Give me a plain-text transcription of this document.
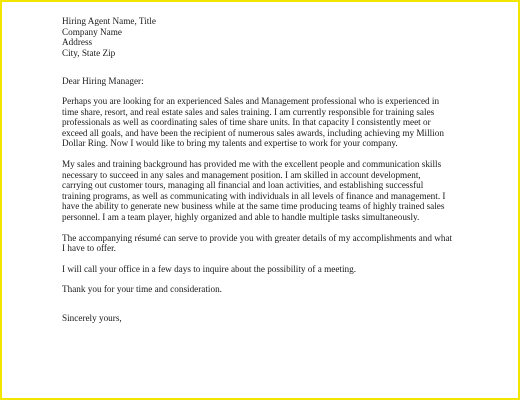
Hiring Agent Name, Title
Company Name
Address
City, State Zip
Dear Hiring Manager:
Perhaps you are looking for an experienced Sales and Management professional who is experienced in
time share, resort, and real estate sales and sales training. I am currently responsible for training sales
professionals as well as coordinating sales of time share units. In that capacity I consistently meet or
exceed all goals, and have been the recipient of numerous sales awards, including achieving my Million
Dollar Ring. Now I would like to bring my talents and expertise to work for your company.
My sales and training background has provided me with the excellent people and communication skills
necessary to succeed in any sales and management position. I am skilled in account development,
carrying out customer tours, managing all financial and loan activities, and establishing successful
training programs, as well as communicating with individuals in all levels of finance and management. I
have the ability to generate new business while at the same time producing teams of highly trained sales
personnel. I am a team player, highly organized and able to handle multiple tasks simultaneously.
The accompanying résumé can serve to provide you with greater details of my accomplishments and what
I have to offer.
I will call your office in a few days to inquire about the possibility of a meeting.
Thank you for your time and consideration.
Sincerely yours,
